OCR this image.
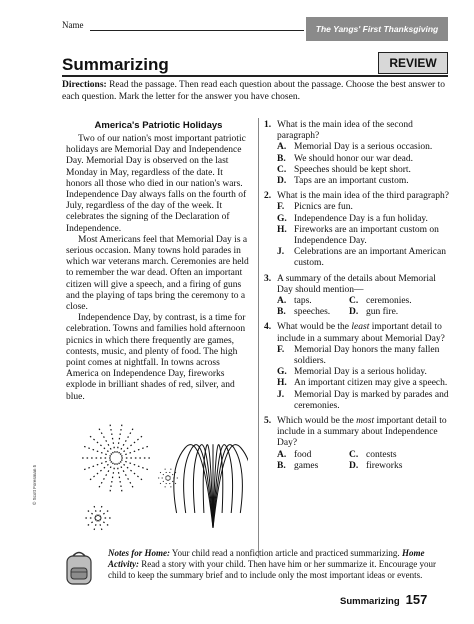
Name	The Yangs' First Thanksgiving
Summarizing	REVIEW
Directions: Read the passage. Then read each question about the passage. Choose the best answer to each question. Mark the letter for the answer you have chosen.
America's Patriotic Holidays

Two of our nation's most important patriotic holidays are Memorial Day and Independence Day. Memorial Day is observed on the last Monday in May, regardless of the date. It honors all those who died in our nation's wars. Independence Day always falls on the fourth of July, regardless of the day of the week. It celebrates the signing of the Declaration of Independence.

Most Americans feel that Memorial Day is a serious occasion. Many towns hold parades in which war veterans march. Ceremonies are held to remember the war dead. Often an important citizen will give a speech, and a firing of guns and the playing of taps bring the ceremony to a close.

Independence Day, by contrast, is a time for celebration. Towns and families hold afternoon picnics in which there frequently are games, contests, music, and plenty of food. The high point comes at nightfall. In towns across America on Independence Day, fireworks explode in brilliant shades of red, silver, and blue.

1. What is the main idea of the second paragraph?
A. Memorial Day is a serious occasion.
B. We should honor our war dead.
C. Speeches should be kept short.
D. Taps are an important custom.
2. What is the main idea of the third paragraph?
F. Picnics are fun.
G. Independence Day is a fun holiday.
H. Fireworks are an important custom on Independence Day.
J. Celebrations are an important American custom.
3. A summary of the details about Memorial Day should mention—
A. taps.	C. ceremonies.
B. speeches.	D. gun fire.
4. What would be the least important detail to include in a summary about Memorial Day?
F. Memorial Day honors the many fallen soldiers.
G. Memorial Day is a serious holiday.
H. An important citizen may give a speech.
J. Memorial Day is marked by parades and ceremonies.
5. Which would be the most important detail to include in a summary about Independence Day?
A. food	C. contests
B. games	D. fireworks
© Scott Foresman 5
Notes for Home: Your child read a nonfiction article and practiced summarizing. Home Activity: Read a story with your child. Then have him or her summarize it. Encourage your child to keep the summary brief and to include only the most important ideas or events.
Summarizing 157
